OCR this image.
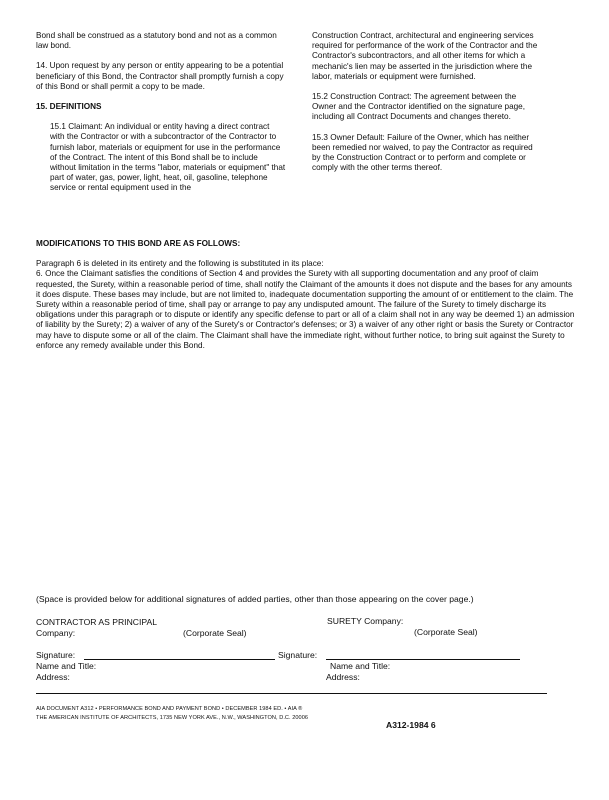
Bond shall be construed as a statutory bond and not as a common law bond.

14. Upon request by any person or entity appearing to be a potential beneficiary of this Bond, the Contractor shall promptly furnish a copy of this Bond or shall permit a copy to be made.

15. DEFINITIONS

15.1 Claimant: An individual or entity having a direct contract with the Contractor or with a subcontractor of the Contractor to furnish labor, materials or equipment for use in the performance of the Contract. The intent of this Bond shall be to include without limitation in the terms "labor, materials or equipment" that part of water, gas, power, light, heat, oil, gasoline, telephone service or rental equipment used in the

Construction Contract, architectural and engineering services required for performance of the work of the Contractor and the Contractor's subcontractors, and all other items for which a mechanic's lien may be asserted in the jurisdiction where the labor, materials or equipment were furnished.

15.2 Construction Contract: The agreement between the Owner and the Contractor identified on the signature page, including all Contract Documents and changes thereto.

15.3 Owner Default: Failure of the Owner, which has neither been remedied nor waived, to pay the Contractor as required by the Construction Contract or to perform and complete or comply with the other terms thereof.

MODIFICATIONS TO THIS BOND ARE AS FOLLOWS:

Paragraph 6 is deleted in its entirety and the following is substituted in its place:

6. Once the Claimant satisfies the conditions of Section 4 and provides the Surety with all supporting documentation and any proof of claim requested, the Surety, within a reasonable period of time, shall notify the Claimant of the amounts it does not dispute and the bases for any amounts it does dispute. These bases may include, but are not limited to, inadequate documentation supporting the amount of or entitlement to the claim. The Surety within a reasonable period of time, shall pay or arrange to pay any undisputed amount. The failure of the Surety to timely discharge its obligations under this paragraph or to dispute or identify any specific defense to part or all of a claim shall not in any way be deemed 1) an admission of liability by the Surety; 2) a waiver of any of the Surety's or Contractor's defenses; or 3) a waiver of any other right or basis the Surety or Contractor may have to dispute some or all of the claim. The Claimant shall have the immediate right, without further notice, to bring suit against the Surety to enforce any remedy available under this Bond.

(Space is provided below for additional signatures of added parties, other than those appearing on the cover page.)
CONTRACTOR AS PRINCIPAL
Company:	(Corporate Seal)
SURETY Company:
(Corporate Seal)
Signature:	Signature:
Name and Title:	Name and Title:
Address:	Address:
AIA DOCUMENT A312 • PERFORMANCE BOND AND PAYMENT BOND • DECEMBER 1984 ED. • AIA ®
THE AMERICAN INSTITUTE OF ARCHITECTS, 1735 NEW YORK AVE., N.W., WASHINGTON, D.C. 20006
A312-1984 6
